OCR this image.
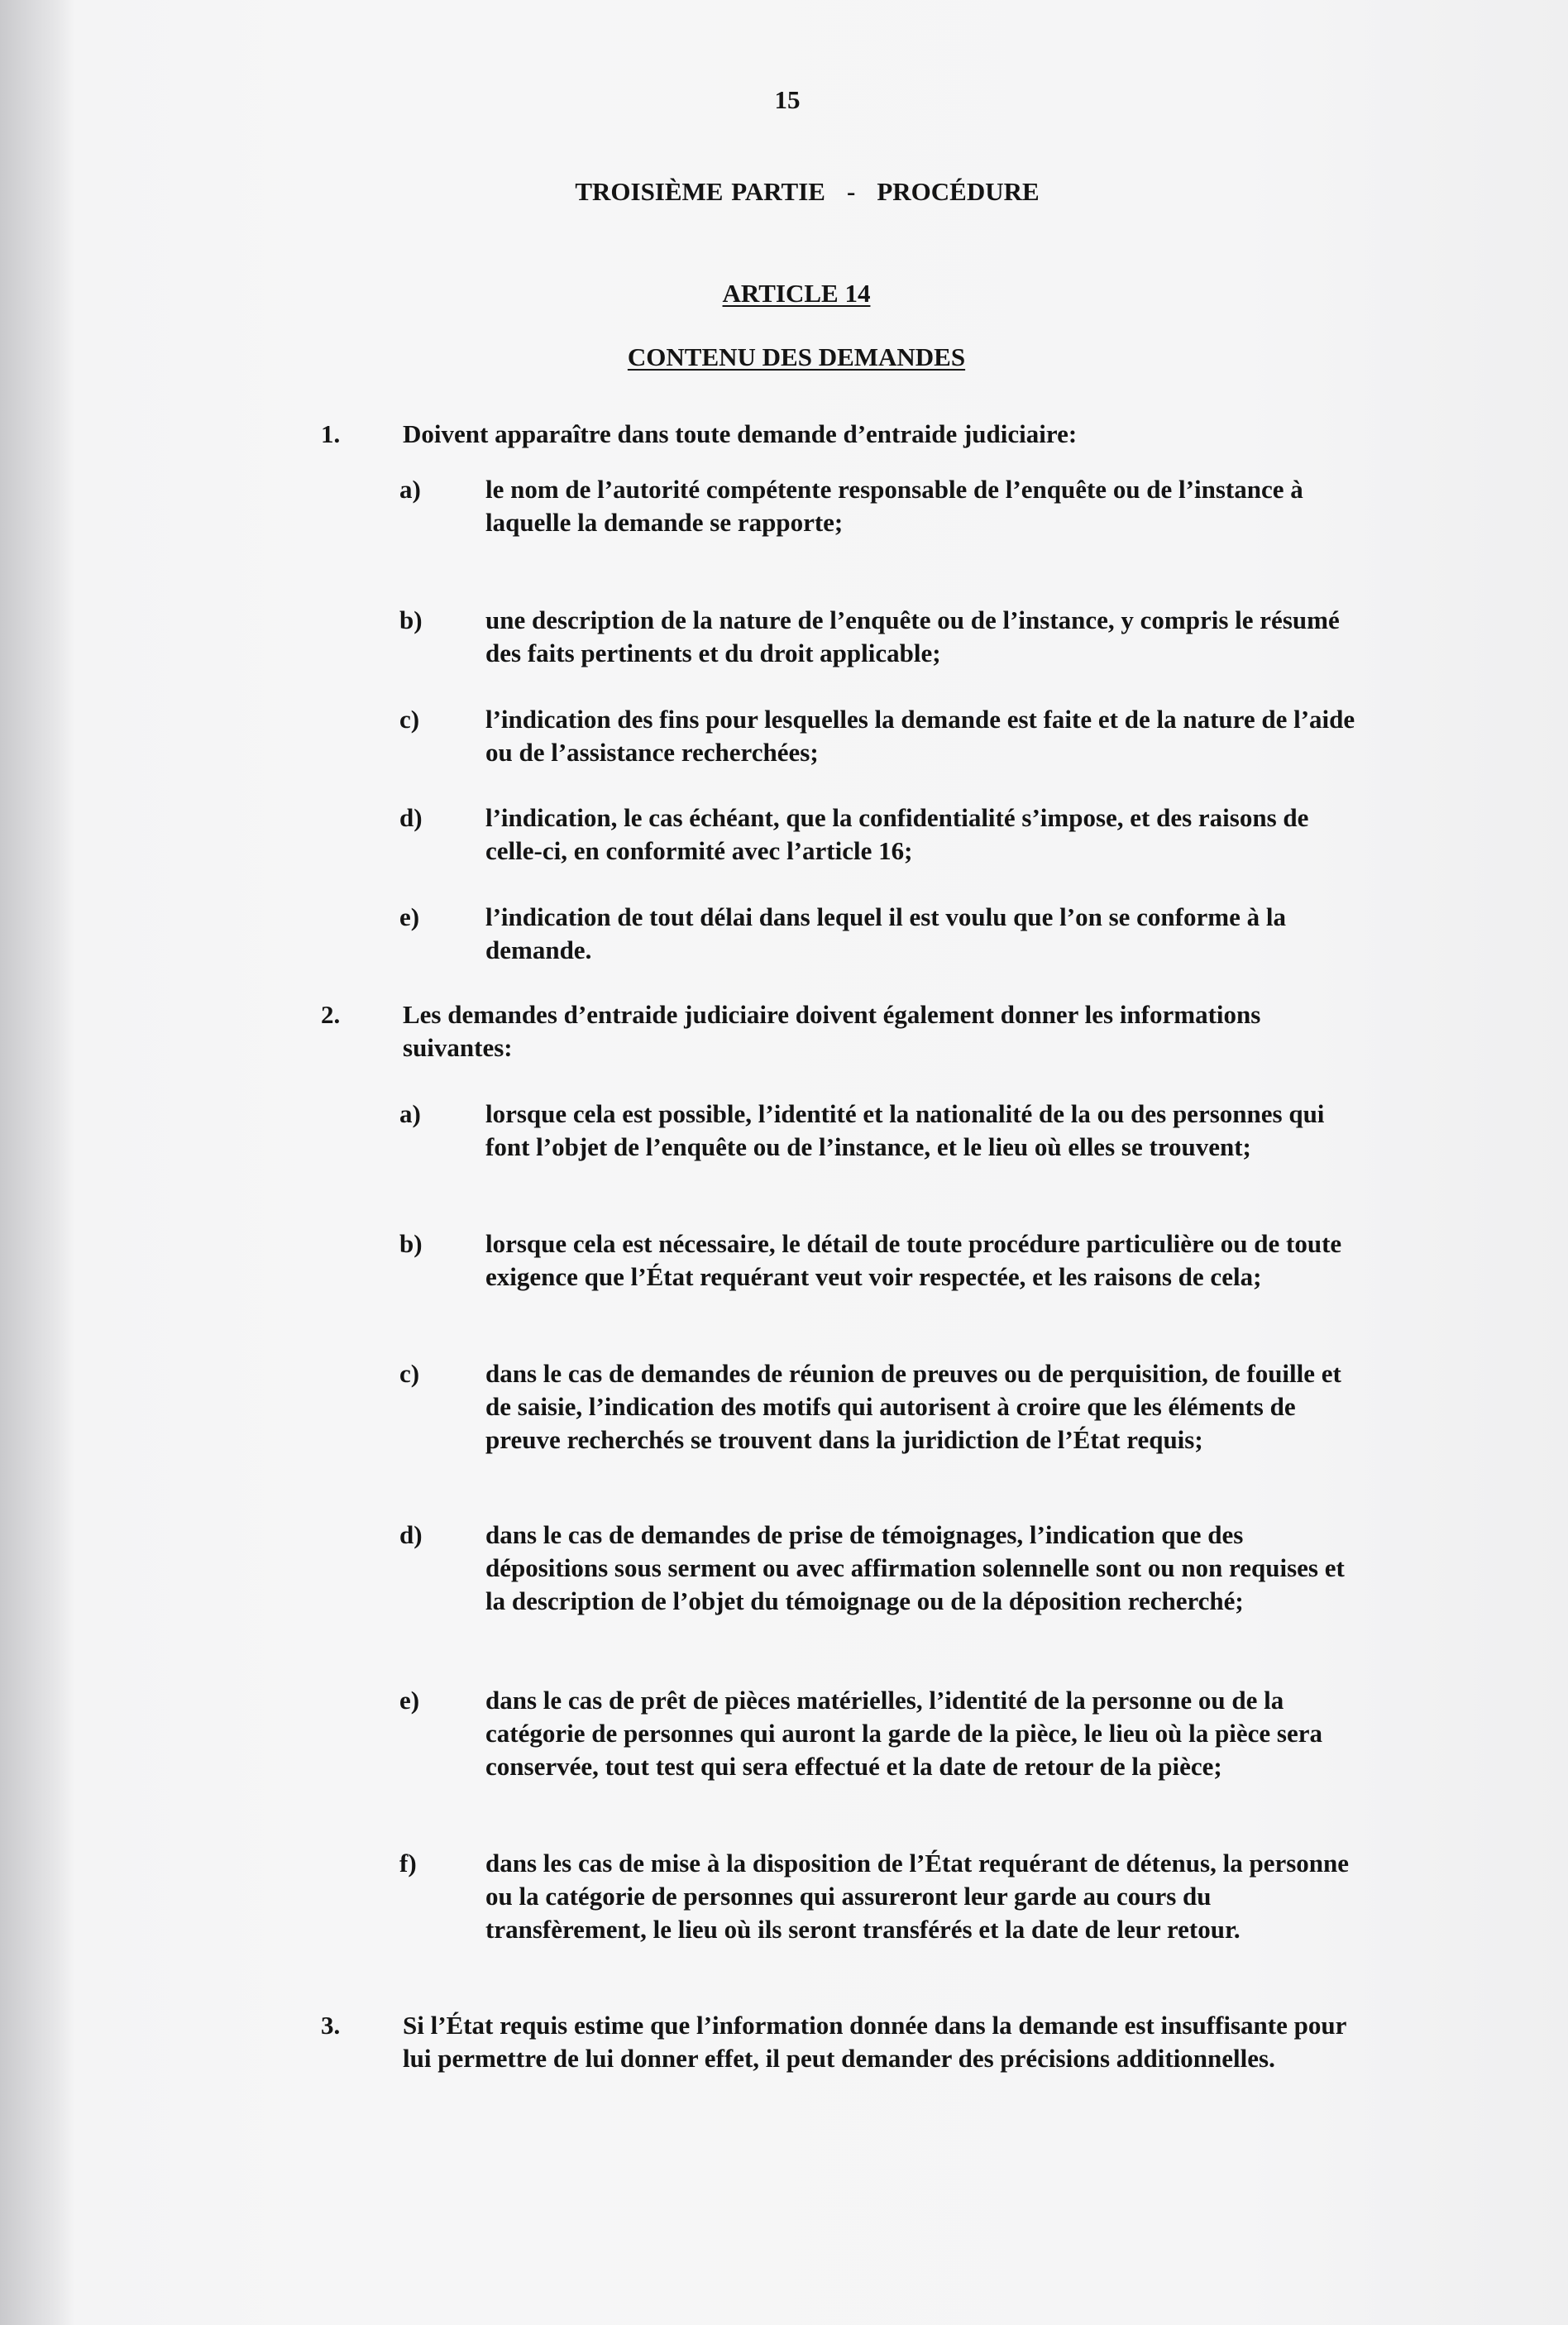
15
TROISIÈME PARTIE - PROCÉDURE
ARTICLE 14
CONTENU DES DEMANDES
1. Doivent apparaître dans toute demande d’entraide judiciaire:
a)	le nom de l’autorité compétente responsable de l’enquête ou de l’instance à laquelle la demande se rapporte;
b) une description de la nature de l’enquête ou de l’instance, y compris le résumé des faits pertinents et du droit applicable;
c)	l’indication des fins pour lesquelles la demande est faite et de la nature de l’aide ou de l’assistance recherchées;
d) l’indication, le cas échéant, que la confidentialité s’impose, et des raisons de celle-ci, en conformité avec l’article 16;
e)	l’indication de tout délai dans lequel il est voulu que l’on se conforme à la demande.
2. Les demandes d’entraide judiciaire doivent également donner les informations suivantes:
a)	lorsque cela est possible, l’identité et la nationalité de la ou des personnes qui font l’objet de l’enquête ou de l’instance, et le lieu où elles se trouvent;
b) lorsque cela est nécessaire, le détail de toute procédure particulière ou de toute exigence que l’État requérant veut voir respectée, et les raisons de cela;
c)	dans le cas de demandes de réunion de preuves ou de perquisition, de fouille et de saisie, l’indication des motifs qui autorisent à croire que les éléments de preuve recherchés se trouvent dans la juridiction de l’État requis;
d) dans le cas de demandes de prise de témoignages, l’indication que des dépositions sous serment ou avec affirmation solennelle sont ou non requises et la description de l’objet du témoignage ou de la déposition recherché;
e)	dans le cas de prêt de pièces matérielles, l’identité de la personne ou de la catégorie de personnes qui auront la garde de la pièce, le lieu où la pièce sera conservée, tout test qui sera effectué et la date de retour de la pièce;
f)	dans les cas de mise à la disposition de l’État requérant de détenus, la personne ou la catégorie de personnes qui assureront leur garde au cours du transfèrement, le lieu où ils seront transférés et la date de leur retour.
3. Si l’État requis estime que l’information donnée dans la demande est insuffisante pour lui permettre de lui donner effet, il peut demander des précisions additionnelles.
